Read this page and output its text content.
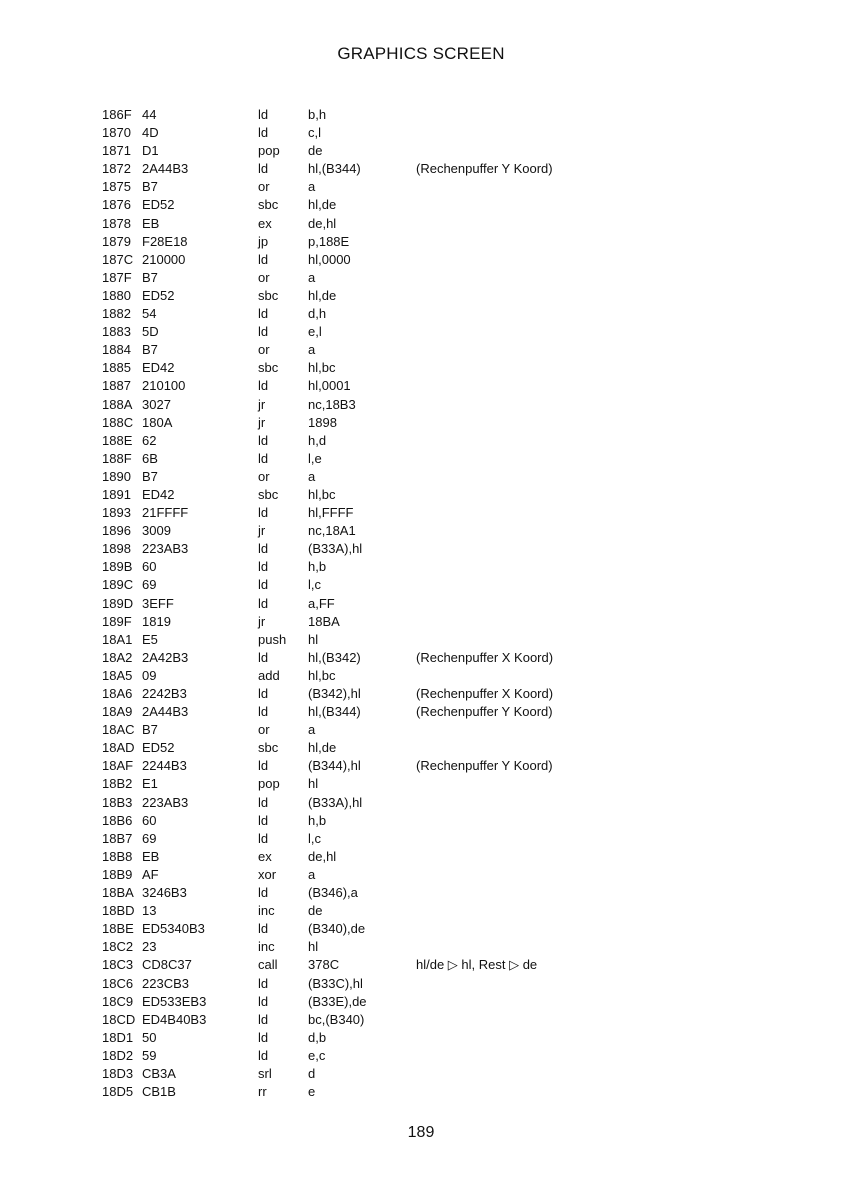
GRAPHICS SCREEN
186F 44	ld	b,h
1870 4D	ld	c,l
1871 D1	pop de
1872 2A44B3	ld	hl,(B344)	(Rechenpuffer Y Koord)
1875 B7	or	a
1876 ED52	sbc hl,de
1878 EB	ex	de,hl
1879 F28E18	jp	p,188E
187C 210000	ld	hl,0000
187F B7	or	a
1880 ED52	sbc hl,de
1882 54	ld	d,h
1883 5D	ld	e,l
1884 B7	or	a
1885 ED42	sbc hl,bc
1887 210100	ld	hl,0001
188A 3027	jr	nc,18B3
188C 180A	jr	1898
188E 62	ld	h,d
188F 6B	ld	l,e
1890 B7	or	a
1891 ED42	sbc hl,bc
1893 21FFFF	ld	hl,FFFF
1896 3009	jr	nc,18A1
1898 223AB3	ld	(B33A),hl
189B 60	ld	h,b
189C 69	ld	l,c
189D 3EFF	ld	a,FF
189F 1819	jr	18BA
18A1 E5	push hl
18A2 2A42B3	ld	hl,(B342)	(Rechenpuffer X Koord)
18A5 09	add hl,bc
18A6 2242B3	ld	(B342),hl	(Rechenpuffer X Koord)
18A9 2A44B3	ld	hl,(B344)	(Rechenpuffer Y Koord)
18AC B7	or	a
18AD ED52	sbc hl,de
18AF 2244B3	ld	(B344),hl	(Rechenpuffer Y Koord)
18B2 E1	pop hl
18B3 223AB3	ld	(B33A),hl
18B6 60	ld	h,b
18B7 69	ld	l,c
18B8 EB	ex	de,hl
18B9 AF	xor a
18BA 3246B3	ld	(B346),a
18BD 13	inc	de
18BE ED5340B3	ld	(B340),de
18C2 23	inc	hl
18C3 CD8C37	call 378C	hl/de ▷ hl, Rest ▷ de
18C6 223CB3	ld	(B33C),hl
18C9 ED533EB3	ld	(B33E),de
18CD ED4B40B3	ld	bc,(B340)
18D1 50	ld	d,b
18D2 59	ld	e,c
18D3 CB3A	srl	d
18D5 CB1B	rr	e
189
